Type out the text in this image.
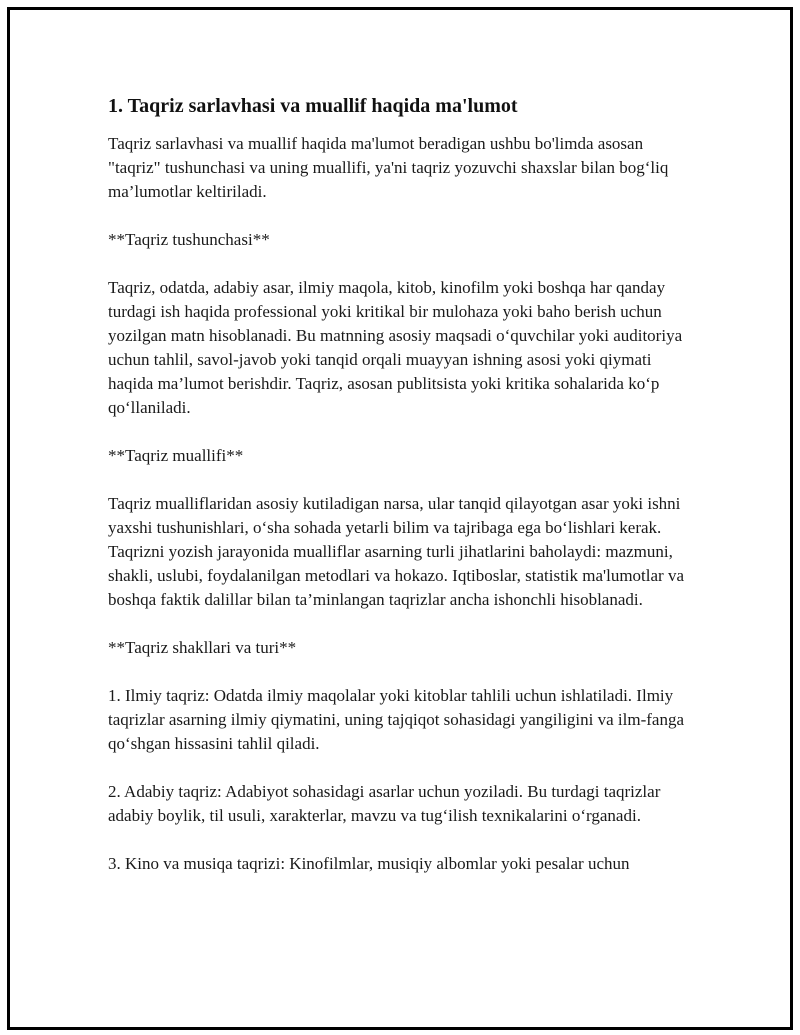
1. Taqriz sarlavhasi va muallif haqida ma'lumot

Taqriz sarlavhasi va muallif haqida ma'lumot beradigan ushbu bo'limda asosan "taqriz" tushunchasi va uning muallifi, ya'ni taqriz yozuvchi shaxslar bilan bog‘liq ma’lumotlar keltiriladi.

**Taqriz tushunchasi**

Taqriz, odatda, adabiy asar, ilmiy maqola, kitob, kinofilm yoki boshqa har qanday turdagi ish haqida professional yoki kritikal bir mulohaza yoki baho berish uchun yozilgan matn hisoblanadi. Bu matnning asosiy maqsadi o‘quvchilar yoki auditoriya uchun tahlil, savol-javob yoki tanqid orqali muayyan ishning asosi yoki qiymati haqida ma’lumot berishdir. Taqriz, asosan publitsista yoki kritika sohalarida ko‘p qo‘llaniladi.

**Taqriz muallifi**

Taqriz mualliflaridan asosiy kutiladigan narsa, ular tanqid qilayotgan asar yoki ishni yaxshi tushunishlari, o‘sha sohada yetarli bilim va tajribaga ega bo‘lishlari kerak. Taqrizni yozish jarayonida mualliflar asarning turli jihatlarini baholaydi: mazmuni, shakli, uslubi, foydalanilgan metodlari va hokazo. Iqtiboslar, statistik ma'lumotlar va boshqa faktik dalillar bilan ta’minlangan taqrizlar ancha ishonchli hisoblanadi.

**Taqriz shakllari va turi**

1. Ilmiy taqriz: Odatda ilmiy maqolalar yoki kitoblar tahlili uchun ishlatiladi. Ilmiy taqrizlar asarning ilmiy qiymatini, uning tajqiqot sohasidagi yangiligini va ilm-fanga qo‘shgan hissasini tahlil qiladi.

2. Adabiy taqriz: Adabiyot sohasidagi asarlar uchun yoziladi. Bu turdagi taqrizlar adabiy boylik, til usuli, xarakterlar, mavzu va tug‘ilish texnikalarini o‘rganadi.

3. Kino va musiqa taqrizi: Kinofilmlar, musiqiy albomlar yoki pesalar uchun
